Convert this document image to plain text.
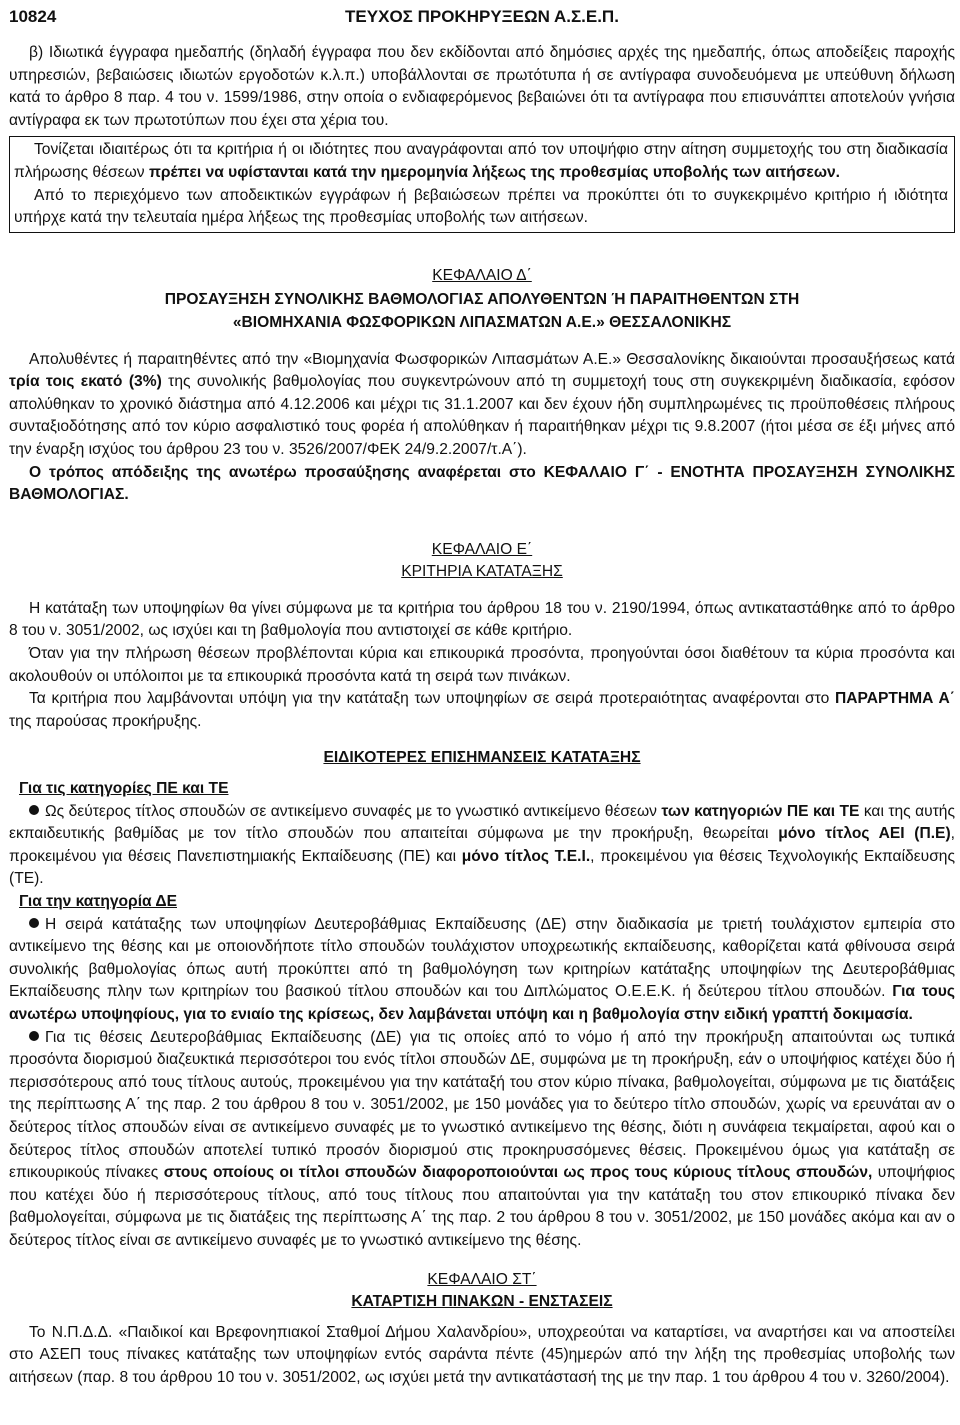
10824	ΤΕΥΧΟΣ ΠΡΟΚΗΡΥΞΕΩΝ Α.Σ.Ε.Π.

β) Ιδιωτικά έγγραφα ημεδαπής (δηλαδή έγγραφα που δεν εκδίδονται από δημόσιες αρχές της ημεδαπής, όπως αποδείξεις παροχής υπηρεσιών, βεβαιώσεις ιδιωτών εργοδοτών κ.λ.π.) υποβάλλονται σε πρωτότυπα ή σε αντίγραφα συνοδευόμενα με υπεύθυνη δήλωση κατά το άρθρο 8 παρ. 4 του ν. 1599/1986, στην οποία ο ενδιαφερόμενος βεβαιώνει ότι τα αντίγραφα που επισυνάπτει αποτελούν γνήσια αντίγραφα εκ των πρωτοτύπων που έχει στα χέρια του.

Τονίζεται ιδιαιτέρως ότι τα κριτήρια ή οι ιδιότητες που αναγράφονται από τον υποψήφιο στην αίτηση συμμετοχής του στη διαδικασία πλήρωσης θέσεων πρέπει να υφίστανται κατά την ημερομηνία λήξεως της προθεσμίας υποβολής των αιτήσεων.

Από το περιεχόμενο των αποδεικτικών εγγράφων ή βεβαιώσεων πρέπει να προκύπτει ότι το συγκεκριμένο κριτήριο ή ιδιότητα υπήρχε κατά την τελευταία ημέρα λήξεως της προθεσμίας υποβολής των αιτήσεων.

ΚΕΦΑΛΑΙΟ Δ΄
ΠΡΟΣΑΥΞΗΣΗ ΣΥΝΟΛΙΚΗΣ ΒΑΘΜΟΛΟΓΙΑΣ ΑΠΟΛΥΘΕΝΤΩΝ Ή ΠΑΡΑΙΤΗΘΕΝΤΩΝ ΣΤΗ
«ΒΙΟΜΗΧΑΝΙΑ ΦΩΣΦΟΡΙΚΩΝ ΛΙΠΑΣΜΑΤΩΝ Α.Ε.» ΘΕΣΣΑΛΟΝΙΚΗΣ

Απολυθέντες ή παραιτηθέντες από την «Βιομηχανία Φωσφορικών Λιπασμάτων Α.Ε.» Θεσσαλονίκης δικαιούνται προσαυξήσεως κατά τρία τοις εκατό (3%) της συνολικής βαθμολογίας που συγκεντρώνουν από τη συμμετοχή τους στη συγκεκριμένη διαδικασία, εφόσον απολύθηκαν το χρονικό διάστημα από 4.12.2006 και μέχρι τις 31.1.2007 και δεν έχουν ήδη συμπληρωμένες τις προϋποθέσεις πλήρους συνταξιοδότησης από τον κύριο ασφαλιστικό τους φορέα ή απολύθηκαν ή παραιτήθηκαν μέχρι τις 9.8.2007 (ήτοι μέσα σε έξι μήνες από την έναρξη ισχύος του άρθρου 23 του ν. 3526/2007/ΦΕΚ 24/9.2.2007/τ.Α΄).

Ο τρόπος απόδειξης της ανωτέρω προσαύξησης αναφέρεται στο ΚΕΦΑΛΑΙΟ Γ΄ - ΕΝΟΤΗΤΑ ΠΡΟΣΑΥΞΗΣΗ ΣΥΝΟΛΙΚΗΣ ΒΑΘΜΟΛΟΓΙΑΣ.

ΚΕΦΑΛΑΙΟ Ε΄
ΚΡΙΤΗΡΙΑ ΚΑΤΑΤΑΞΗΣ

Η κατάταξη των υποψηφίων θα γίνει σύμφωνα με τα κριτήρια του άρθρου 18 του ν. 2190/1994, όπως αντικαταστάθηκε από το άρθρο 8 του ν. 3051/2002, ως ισχύει και τη βαθμολογία που αντιστοιχεί σε κάθε κριτήριο.

Όταν για την πλήρωση θέσεων προβλέπονται κύρια και επικουρικά προσόντα, προηγούνται όσοι διαθέτουν τα κύρια προσόντα και ακολουθούν οι υπόλοιποι με τα επικουρικά προσόντα κατά τη σειρά των πινάκων.

Τα κριτήρια που λαμβάνονται υπόψη για την κατάταξη των υποψηφίων σε σειρά προτεραιότητας αναφέρονται στο ΠΑΡΑΡΤΗΜΑ Α΄ της παρούσας προκήρυξης.

ΕΙΔΙΚΟΤΕΡΕΣ ΕΠΙΣΗΜΑΝΣΕΙΣ ΚΑΤΑΤΑΞΗΣ
Για τις κατηγορίες ΠΕ και ΤΕ

Ως δεύτερος τίτλος σπουδών σε αντικείμενο συναφές με το γνωστικό αντικείμενο θέσεων των κατηγοριών ΠΕ και ΤΕ και της αυτής εκπαιδευτικής βαθμίδας με τον τίτλο σπουδών που απαιτείται σύμφωνα με την προκήρυξη, θεωρείται μόνο τίτλος ΑΕΙ (Π.Ε), προκειμένου για θέσεις Πανεπιστημιακής Εκπαίδευσης (ΠΕ) και μόνο τίτλος Τ.Ε.Ι., προκειμένου για θέσεις Τεχνολογικής Εκπαίδευσης (ΤΕ).

Για την κατηγορία ΔΕ

Η σειρά κατάταξης των υποψηφίων Δευτεροβάθμιας Εκπαίδευσης (ΔΕ) στην διαδικασία με τριετή τουλάχιστον εμπειρία στο αντικείμενο της θέσης και με οποιονδήποτε τίτλο σπουδών τουλάχιστον υποχρεωτικής εκπαίδευσης, καθορίζεται κατά φθίνουσα σειρά συνολικής βαθμολογίας όπως αυτή προκύπτει από τη βαθμολόγηση των κριτηρίων κατάταξης υποψηφίων της Δευτεροβάθμιας Εκπαίδευσης πλην των κριτηρίων του βασικού τίτλου σπουδών και του Διπλώματος Ο.Ε.Ε.Κ. ή δεύτερου τίτλου σπουδών. Για τους ανωτέρω υποψηφίους, για το ενιαίο της κρίσεως, δεν λαμβάνεται υπόψη και η βαθμολογία στην ειδική γραπτή δοκιμασία.

Για τις θέσεις Δευτεροβάθμιας Εκπαίδευσης (ΔΕ) για τις οποίες από το νόμο ή από την προκήρυξη απαιτούνται ως τυπικά προσόντα διορισμού διαζευκτικά περισσότεροι του ενός τίτλοι σπουδών ΔΕ, συμφώνα με τη προκήρυξη, εάν ο υποψήφιος κατέχει δύο ή περισσότερους από τους τίτλους αυτούς, προκειμένου για την κατάταξή του στον κύριο πίνακα, βαθμολογείται, σύμφωνα με τις διατάξεις της περίπτωσης Α΄ της παρ. 2 του άρθρου 8 του ν. 3051/2002, με 150 μονάδες για το δεύτερο τίτλο σπουδών, χωρίς να ερευνάται αν ο δεύτερος τίτλος σπουδών είναι σε αντικείμενο συναφές με το γνωστικό αντικείμενο της θέσης, διότι η συνάφεια τεκμαίρεται, αφού και ο δεύτερος τίτλος σπουδών αποτελεί τυπικό προσόν διορισμού στις προκηρυσσόμενες θέσεις. Προκειμένου όμως για κατάταξη σε επικουρικούς πίνακες στους οποίους οι τίτλοι σπουδών διαφοροποιούνται ως προς τους κύριους τίτλους σπουδών, υποψήφιος που κατέχει δύο ή περισσότερους τίτλους, από τους τίτλους που απαιτούνται για την κατάταξη του στον επικουρικό πίνακα δεν βαθμολογείται, σύμφωνα με τις διατάξεις της περίπτωσης Α΄ της παρ. 2 του άρθρου 8 του ν. 3051/2002, με 150 μονάδες ακόμα και αν ο δεύτερος τίτλος είναι σε αντικείμενο συναφές με το γνωστικό αντικείμενο της θέσης.

ΚΕΦΑΛΑΙΟ ΣΤ΄
ΚΑΤΑΡΤΙΣΗ ΠΙΝΑΚΩΝ - ΕΝΣΤΑΣΕΙΣ

Το Ν.Π.Δ.Δ. «Παιδικοί και Βρεφονηπιακοί Σταθμοί Δήμου Χαλανδρίου», υποχρεούται να καταρτίσει, να αναρτήσει και να αποστείλει στο ΑΣΕΠ τους πίνακες κατάταξης των υποψηφίων εντός σαράντα πέντε (45)ημερών από την λήξη της προθεσμίας υποβολής των αιτήσεων (παρ. 8 του άρθρου 10 του ν. 3051/2002, ως ισχύει μετά την αντικατάστασή της με την παρ. 1 του άρθρου 4 του ν. 3260/2004).
